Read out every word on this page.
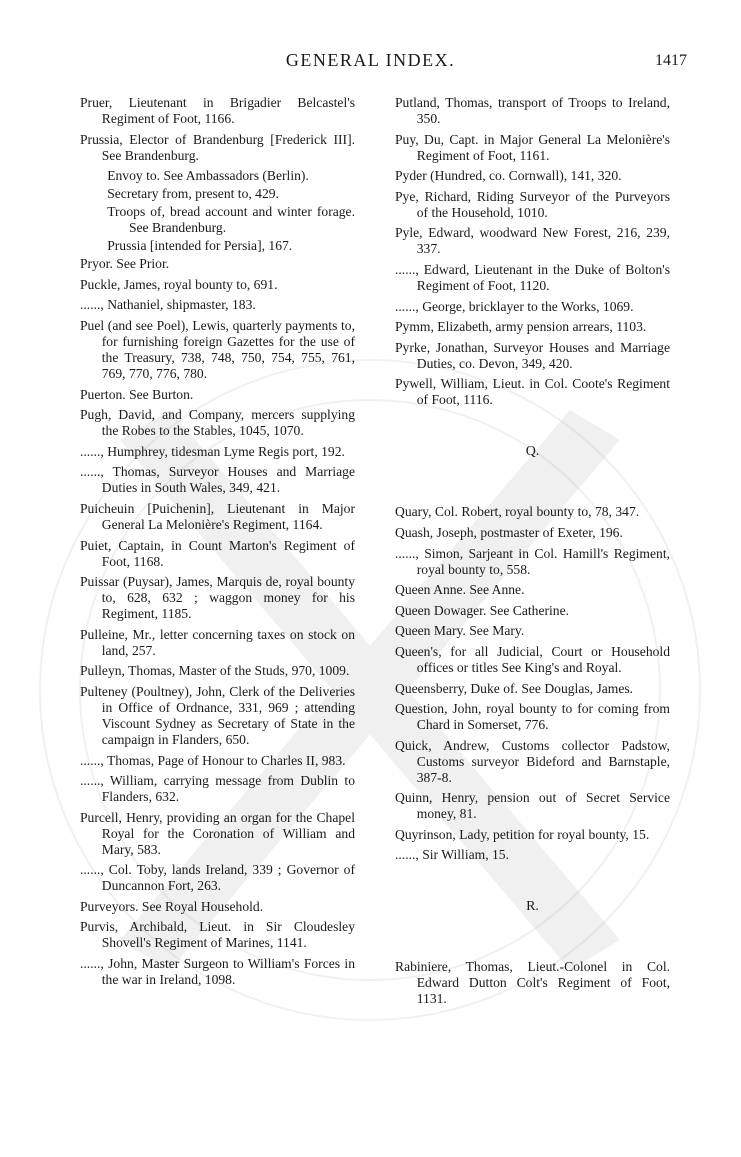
GENERAL INDEX.	1417

Pruer, Lieutenant in Brigadier Belcastel's Regiment of Foot, 1166.

Prussia, Elector of Brandenburg [Frederick III]. See Brandenburg.

Envoy to. See Ambassadors (Berlin).

Secretary from, present to, 429.

Troops of, bread account and winter forage. See Brandenburg.

Prussia [intended for Persia], 167.

Pryor. See Prior.

Puckle, James, royal bounty to, 691.

......, Nathaniel, shipmaster, 183.

Puel (and see Poel), Lewis, quarterly payments to, for furnishing foreign Gazettes for the use of the Treasury, 738, 748, 750, 754, 755, 761, 769, 770, 776, 780.

Puerton. See Burton.

Pugh, David, and Company, mercers supplying the Robes to the Stables, 1045, 1070.

......, Humphrey, tidesman Lyme Regis port, 192.

......, Thomas, Surveyor Houses and Marriage Duties in South Wales, 349, 421.

Puicheuin [Puichenin], Lieutenant in Major General La Melonière's Regiment, 1164.

Puiet, Captain, in Count Marton's Regiment of Foot, 1168.

Puissar (Puysar), James, Marquis de, royal bounty to, 628, 632 ; waggon money for his Regiment, 1185.

Pulleine, Mr., letter concerning taxes on stock on land, 257.

Pulleyn, Thomas, Master of the Studs, 970, 1009.

Pulteney (Poultney), John, Clerk of the Deliveries in Office of Ordnance, 331, 969 ; attending Viscount Sydney as Secretary of State in the campaign in Flanders, 650.

......, Thomas, Page of Honour to Charles II, 983.

......, William, carrying message from Dublin to Flanders, 632.

Purcell, Henry, providing an organ for the Chapel Royal for the Coronation of William and Mary, 583.

......, Col. Toby, lands Ireland, 339 ; Governor of Duncannon Fort, 263.

Purveyors. See Royal Household.

Purvis, Archibald, Lieut. in Sir Cloudesley Shovell's Regiment of Marines, 1141.

......, John, Master Surgeon to William's Forces in the war in Ireland, 1098.

Putland, Thomas, transport of Troops to Ireland, 350.

Puy, Du, Capt. in Major General La Melonière's Regiment of Foot, 1161.

Pyder (Hundred, co. Cornwall), 141, 320.

Pye, Richard, Riding Surveyor of the Purveyors of the Household, 1010.

Pyle, Edward, woodward New Forest, 216, 239, 337.

......, Edward, Lieutenant in the Duke of Bolton's Regiment of Foot, 1120.

......, George, bricklayer to the Works, 1069.

Pymm, Elizabeth, army pension arrears, 1103.

Pyrke, Jonathan, Surveyor Houses and Marriage Duties, co. Devon, 349, 420.

Pywell, William, Lieut. in Col. Coote's Regiment of Foot, 1116.

Q.

Quary, Col. Robert, royal bounty to, 78, 347.

Quash, Joseph, postmaster of Exeter, 196.

......, Simon, Sarjeant in Col. Hamill's Regiment, royal bounty to, 558.

Queen Anne. See Anne.

Queen Dowager. See Catherine.

Queen Mary. See Mary.

Queen's, for all Judicial, Court or Household offices or titles See King's and Royal.

Queensberry, Duke of. See Douglas, James.

Question, John, royal bounty to for coming from Chard in Somerset, 776.

Quick, Andrew, Customs collector Padstow, Customs surveyor Bideford and Barnstaple, 387-8.

Quinn, Henry, pension out of Secret Service money, 81.

Quyrinson, Lady, petition for royal bounty, 15.

......, Sir William, 15.

R.

Rabiniere, Thomas, Lieut.-Colonel in Col. Edward Dutton Colt's Regiment of Foot, 1131.
